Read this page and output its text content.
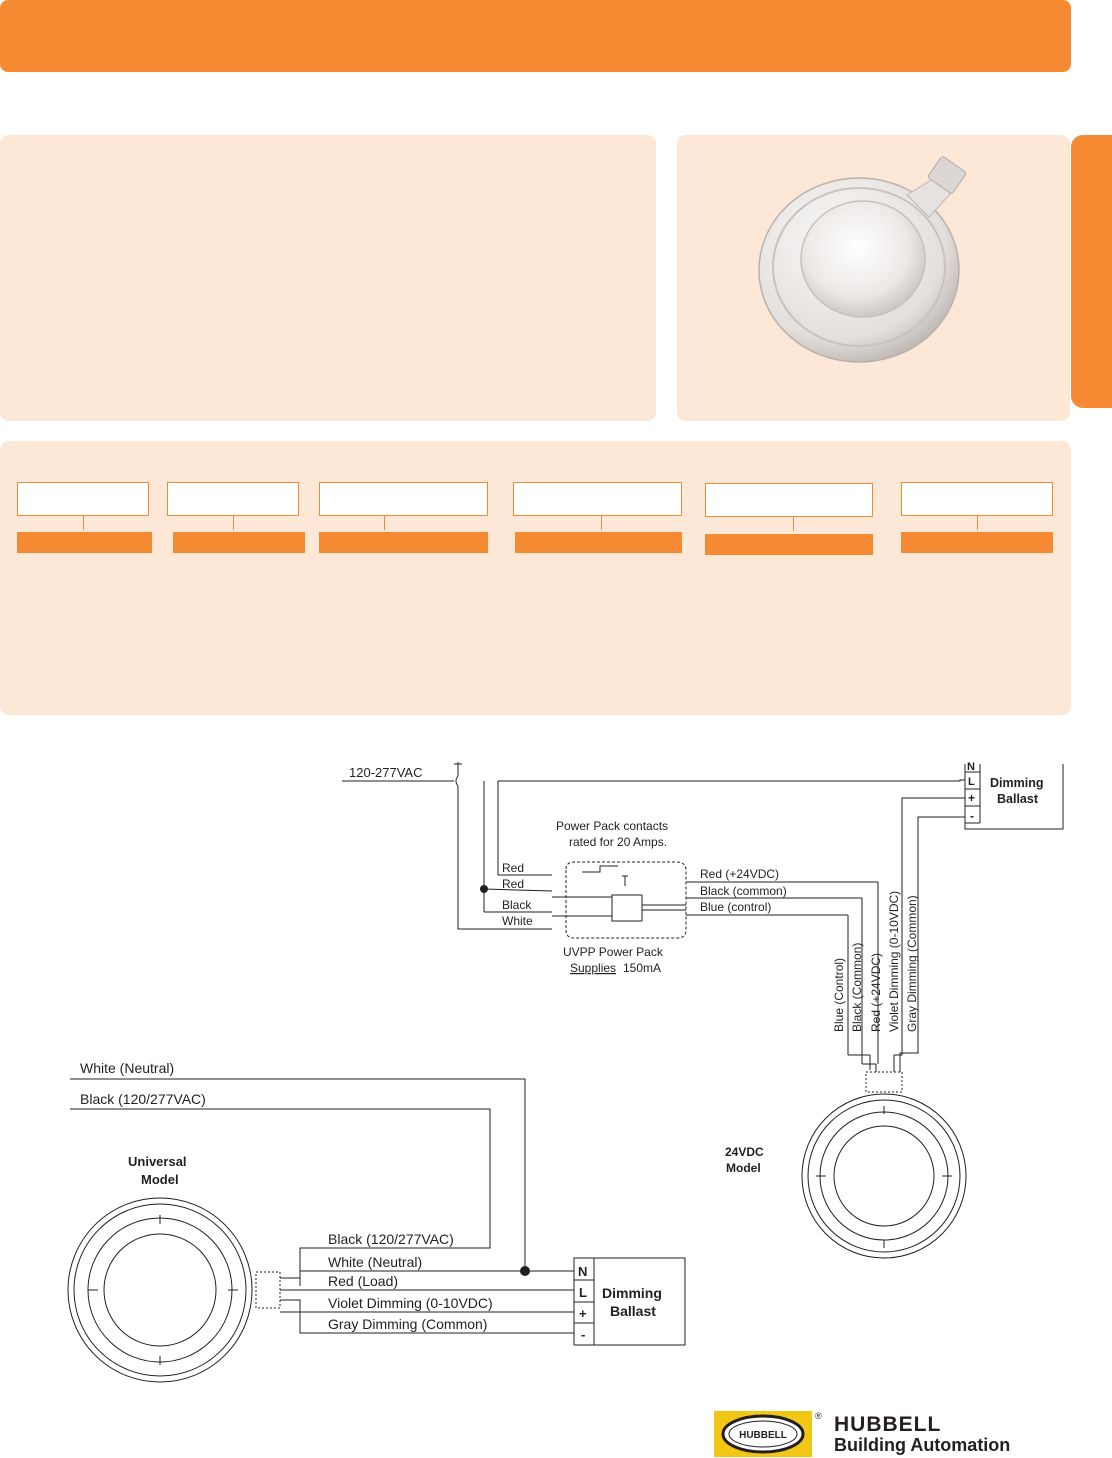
120-277VAC
Power Pack contacts
rated for 20 Amps.
Red
Red
Black
White
Red (+24VDC)
Black (common)
Blue (control)
UVPP Power Pack
Supplies 150mA	Blue (Control) Black (Common) Red (+24VDC) Violet Dimming (0-10VDC) Gray Dimming (Common)
24VDC
Model
N
L
+
-
Dimming
Ballast
White (Neutral)
Black (120/277VAC)
Universal
Model
Black (120/277VAC)
White (Neutral)
Red (Load)
Violet Dimming (0-10VDC)
Gray Dimming (Common)
N
L
+
-
Dimming
Ballast
HUBBELL
® HUBBELL
Building Automation
